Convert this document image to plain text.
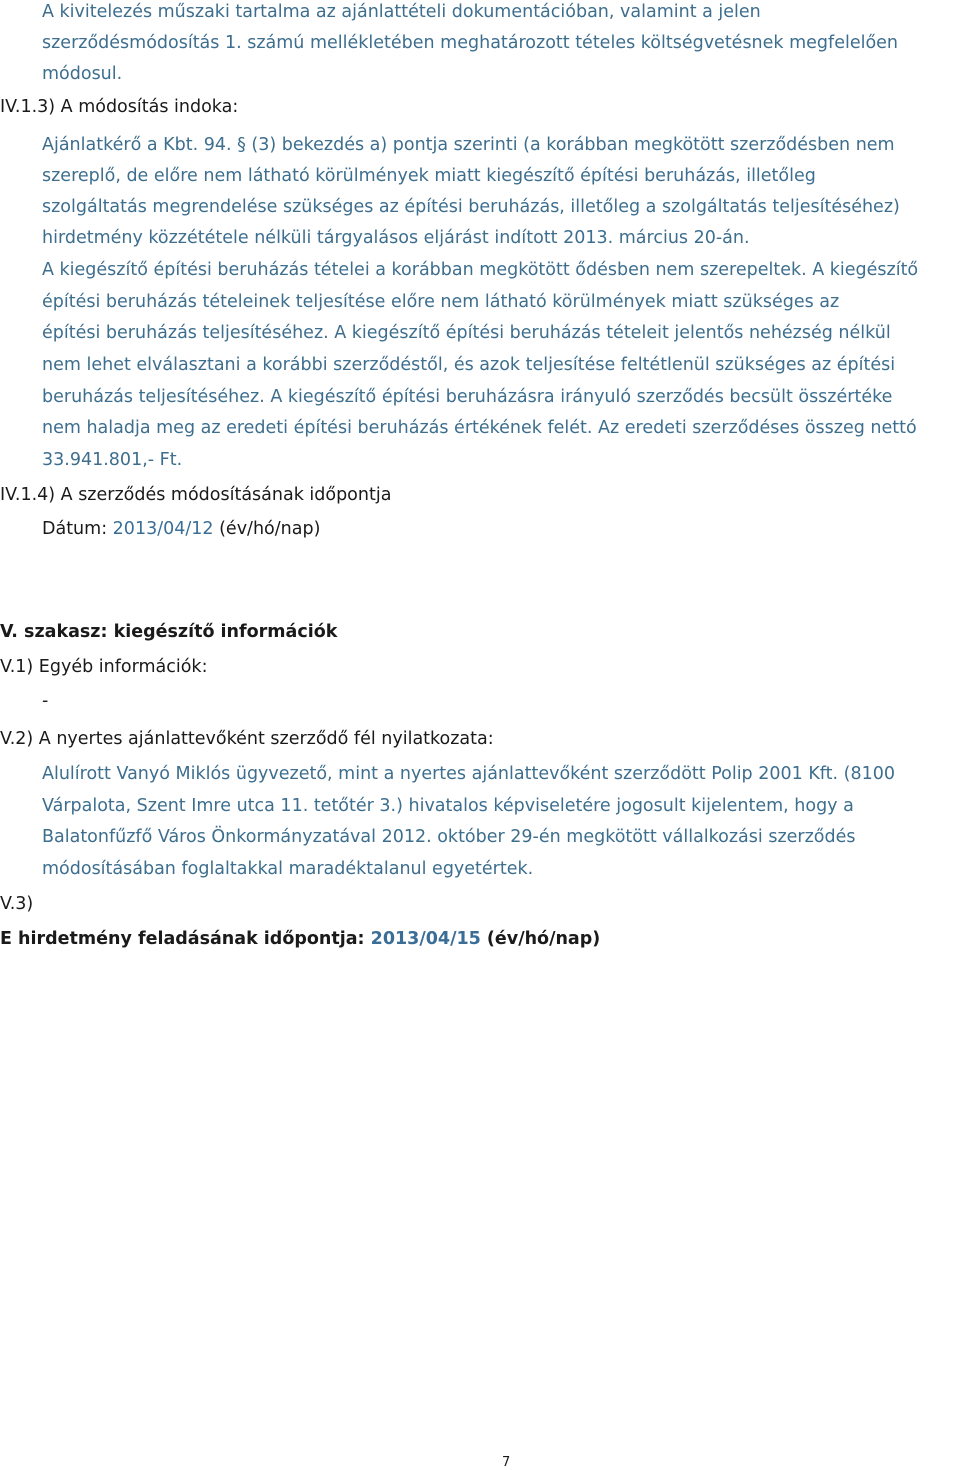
A kivitelezés műszaki tartalma az ajánlattételi dokumentációban, valamint a jelen
szerződésmódosítás 1. számú mellékletében meghatározott tételes költségvetésnek megfelelően
módosul.
IV.1.3) A módosítás indoka:
Ajánlatkérő a Kbt. 94. § (3) bekezdés a) pontja szerinti (a korábban megkötött szerződésben nem
szereplő, de előre nem látható körülmények miatt kiegészítő építési beruházás, illetőleg
szolgáltatás megrendelése szükséges az építési beruházás, illetőleg a szolgáltatás teljesítéséhez)
hirdetmény közzététele nélküli tárgyalásos eljárást indított 2013. március 20-án.
A kiegészítő építési beruházás tételei a korábban megkötött ődésben nem szerepeltek. A kiegészítő
építési beruházás tételeinek teljesítése előre nem látható körülmények miatt szükséges az
építési beruházás teljesítéséhez. A kiegészítő építési beruházás tételeit jelentős nehézség nélkül
nem lehet elválasztani a korábbi szerződéstől, és azok teljesítése feltétlenül szükséges az építési
beruházás teljesítéséhez. A kiegészítő építési beruházásra irányuló szerződés becsült összértéke
nem haladja meg az eredeti építési beruházás értékének felét. Az eredeti szerződéses összeg nettó
33.941.801,- Ft.
IV.1.4) A szerződés módosításának időpontja
Dátum: 2013/04/12 (év/hó/nap)
V. szakasz: kiegészítő információk
V.1) Egyéb információk:
-
V.2) A nyertes ajánlattevőként szerződő fél nyilatkozata:
Alulírott Vanyó Miklós ügyvezető, mint a nyertes ajánlattevőként szerződött Polip 2001 Kft. (8100
Várpalota, Szent Imre utca 11. tetőtér 3.) hivatalos képviseletére jogosult kijelentem, hogy a
Balatonfűzfő Város Önkormányzatával 2012. október 29-én megkötött vállalkozási szerződés
módosításában foglaltakkal maradéktalanul egyetértek.
V.3)
E hirdetmény feladásának időpontja: 2013/04/15 (év/hó/nap)
7
